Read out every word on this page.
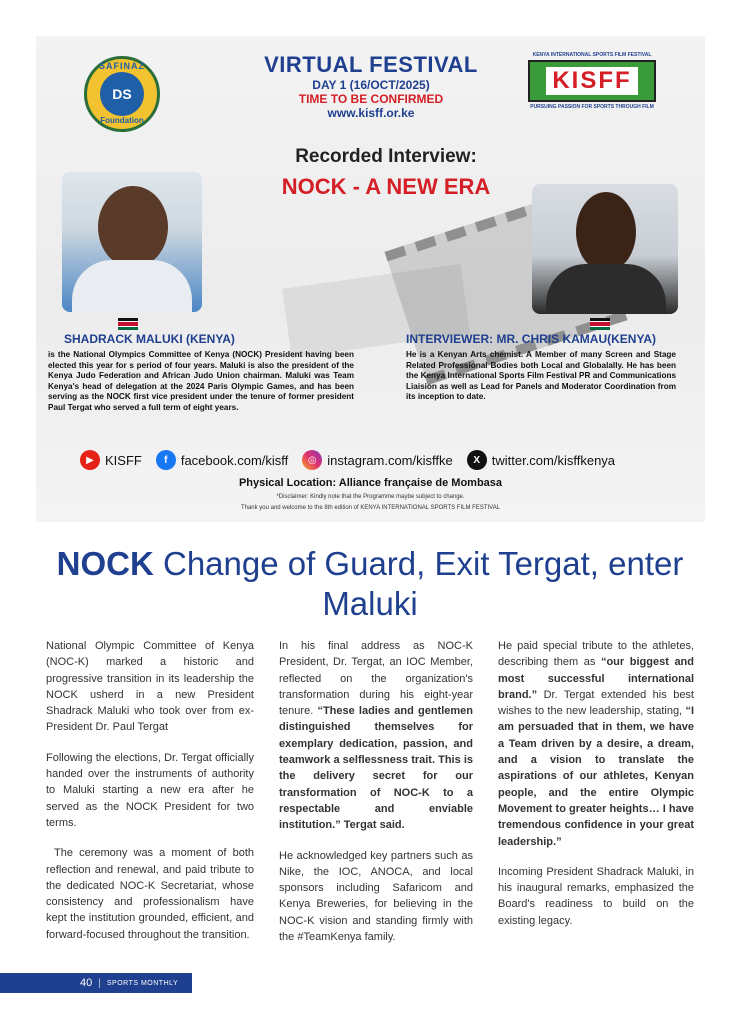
SAFINAZ
DS
Foundation
VIRTUAL FESTIVAL
DAY 1 (16/OCT/2025)
TIME TO BE CONFIRMED
www.kisff.or.ke
KENYA INTERNATIONAL SPORTS FILM FESTIVAL
KISFF
PURSUING PASSION FOR SPORTS THROUGH FILM
Recorded Interview:
NOCK - A NEW ERA
SHADRACK MALUKI (KENYA)
is the National Olympics Committee of Kenya (NOCK) President having been elected this year for s period of four years. Maluki is also the president of the Kenya Judo Federation and African Judo Union chairman. Maluki was Team Kenya's head of delegation at the 2024 Paris Olympic Games, and has been serving as the NOCK first vice president under the tenure of former president Paul Tergat who served a full term of eight years.
INTERVIEWER: MR. CHRIS KAMAU(KENYA)
He is a Kenyan Arts chemist. A Member of many Screen and Stage Related Professional Bodies both Local and Globalally. He has been the Kenya International Sports Film Festival PR and Communications Liaision as well as Lead for Panels and Moderator Coordination from its inception to date.
▶ KISFF	f	facebook.com/kisff	◎ instagram.com/kisffke	X twitter.com/kisffkenya
Physical Location: Alliance française de Mombasa
*Disclaimer: Kindly note that the Programme maybe subject to change.
Thank you and welcome to the 8th edition of KENYA INTERNATIONAL SPORTS FILM FESTIVAL
NOCK Change of Guard, Exit Tergat, enter Maluki

National Olympic Committee of Kenya (NOC-K) marked a historic and progressive transition in its leadership the NOCK usherd in a new President Shadrack Maluki who took over from ex-President Dr. Paul Tergat

Following the elections, Dr. Tergat officially handed over the instruments of authority to Maluki starting a new era after he served as the NOCK President for two terms.

The ceremony was a moment of both reflection and renewal, and paid tribute to the dedicated NOC-K Secretariat, whose consistency and professionalism have kept the institution grounded, efficient, and forward-focused throughout the transition.

In his final address as NOC-K President, Dr. Tergat, an IOC Member, reflected on the organization's transformation during his eight-year tenure. “These ladies and gentlemen distinguished themselves for exemplary dedication, passion, and teamwork a selflessness trait. This is the delivery secret for our transformation of NOC-K to a respectable and enviable institution.” Tergat said.

He acknowledged key partners such as Nike, the IOC, ANOCA, and local sponsors including Safaricom and Kenya Breweries, for believing in the NOC-K vision and standing firmly with the #TeamKenya family.

He paid special tribute to the athletes, describing them as “our biggest and most successful international brand.” Dr. Tergat extended his best wishes to the new leadership, stating, “I am persuaded that in them, we have a Team driven by a desire, a dream, and a vision to translate the aspirations of our athletes, Kenyan people, and the entire Olympic Movement to greater heights… I have tremendous confidence in your great leadership.”

Incoming President Shadrack Maluki, in his inaugural remarks, emphasized the Board's readiness to build on the existing legacy.

40 | SPORTS MONTHLY
